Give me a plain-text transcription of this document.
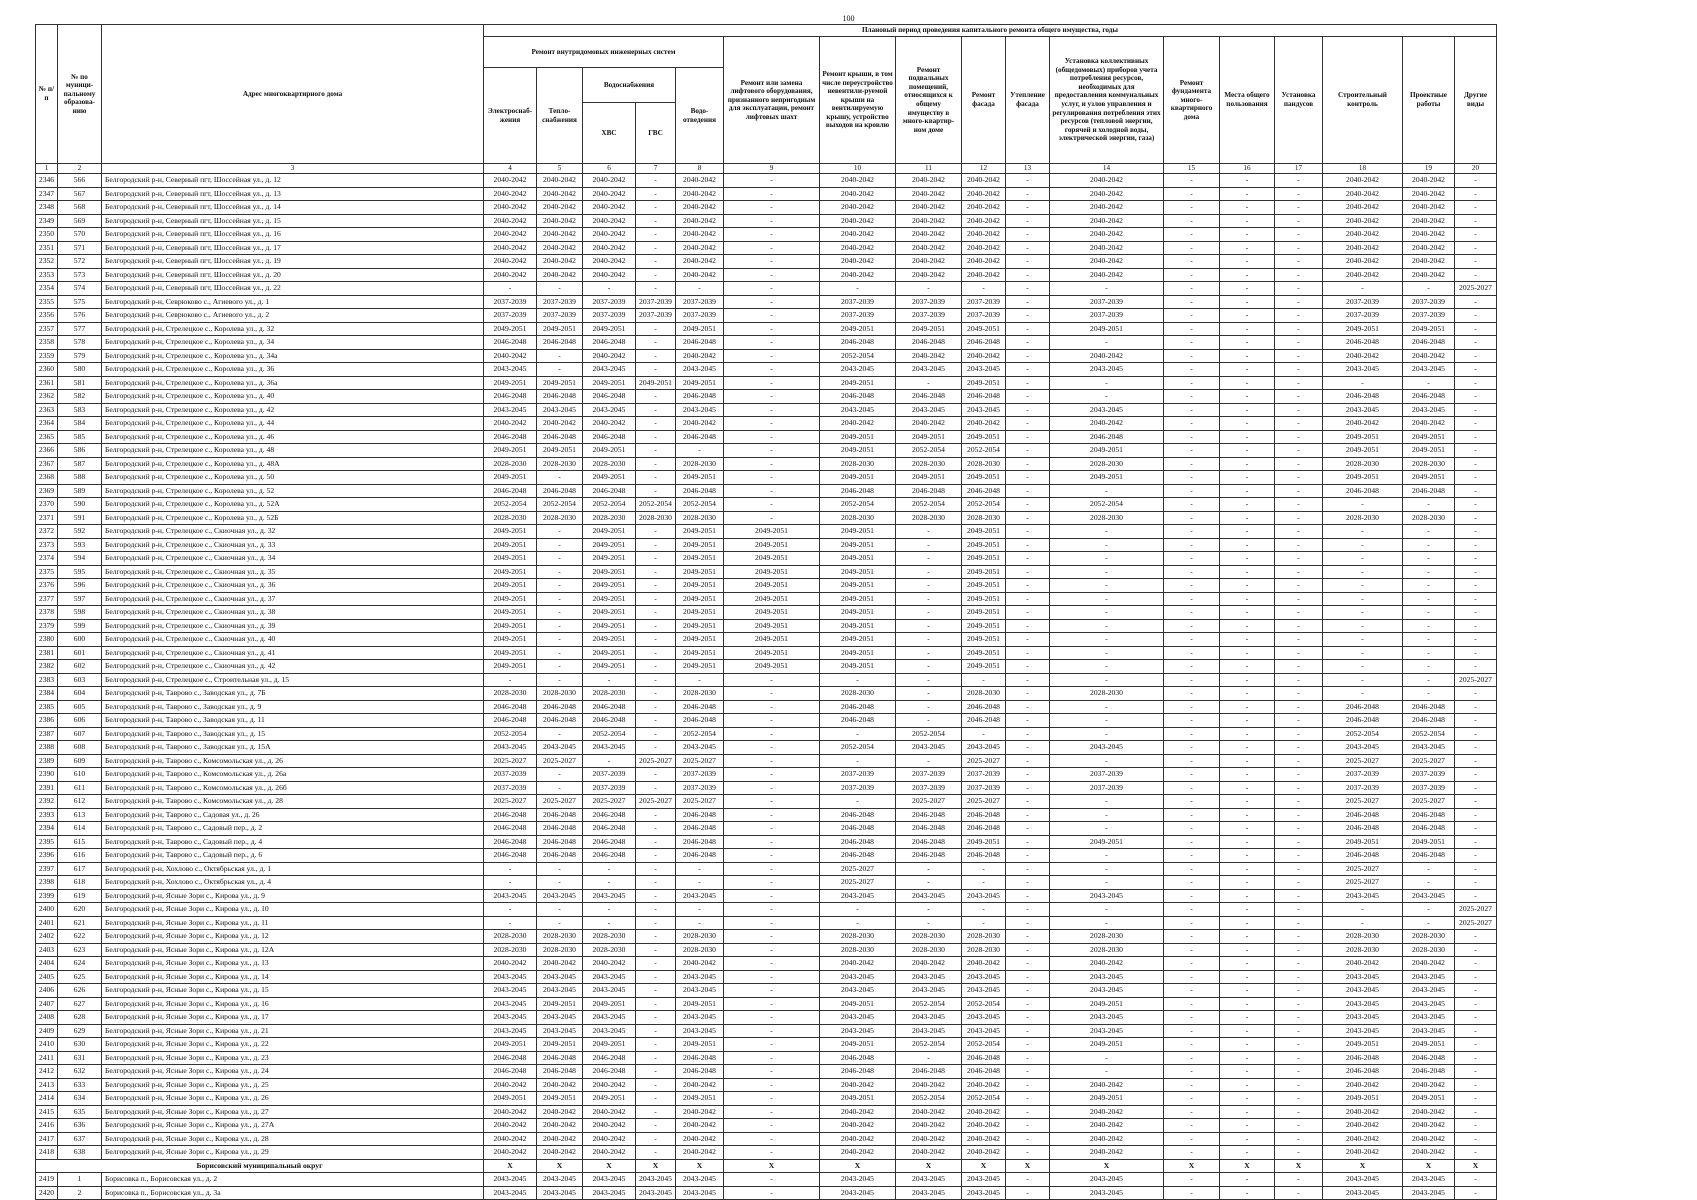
100
№ п/п	№ по муници-пальному образова-нию	Адрес многоквартирного дома	Плановый период проведения капитального ремонта общего имущества, годы																
			Ремонт внутридомовых инженерных систем					Ремонт или замена лифтового оборудования, признанного непригодным для эксплуатации, ремонт лифтовых шахт	Ремонт крыши, в том числе переустройство невентили-руемой крыши на вентилируемую крышу, устройство выходов на кровлю	Ремонт подвальных помещений, относящихся к общему имуществу в много-квартир-ном доме	Ремонт фасада	Утепление фасада	Установка коллективных (общедомовых) приборов учета потребления ресурсов, необходимых для предоставления коммунальных услуг, и узлов управления и регулирования потребления этих ресурсов (тепловой энергии, горячей и холодной воды, электрической энергии, газа)	Ремонт фундамента много-квартирного дома	Места общего пользования	Установка пандусов	Строительный контроль	Проектные работы	Другие виды
			Электроснаб-жения	Тепло-снабжения	Водоснабжения		Водо-отведения												
					ХВС	ГВС													
1	2	3	4	5	6	7	8	9	10	11	12	13	14	15	16	17	18	19	20
2346	566	Белгородский р-н, Северный пгт, Шоссейная ул., д. 12	2040-2042	2040-2042	2040-2042	-	2040-2042	-	2040-2042	2040-2042	2040-2042	-	2040-2042	-	-	-	2040-2042	2040-2042	-
2347	567	Белгородский р-н, Северный пгт, Шоссейная ул., д. 13	2040-2042	2040-2042	2040-2042	-	2040-2042	-	2040-2042	2040-2042	2040-2042	-	2040-2042	-	-	-	2040-2042	2040-2042	-
2348	568	Белгородский р-н, Северный пгт, Шоссейная ул., д. 14	2040-2042	2040-2042	2040-2042	-	2040-2042	-	2040-2042	2040-2042	2040-2042	-	2040-2042	-	-	-	2040-2042	2040-2042	-
2349	569	Белгородский р-н, Северный пгт, Шоссейная ул., д. 15	2040-2042	2040-2042	2040-2042	-	2040-2042	-	2040-2042	2040-2042	2040-2042	-	2040-2042	-	-	-	2040-2042	2040-2042	-
2350	570	Белгородский р-н, Северный пгт, Шоссейная ул., д. 16	2040-2042	2040-2042	2040-2042	-	2040-2042	-	2040-2042	2040-2042	2040-2042	-	2040-2042	-	-	-	2040-2042	2040-2042	-
2351	571	Белгородский р-н, Северный пгт, Шоссейная ул., д. 17	2040-2042	2040-2042	2040-2042	-	2040-2042	-	2040-2042	2040-2042	2040-2042	-	2040-2042	-	-	-	2040-2042	2040-2042	-
2352	572	Белгородский р-н, Северный пгт, Шоссейная ул., д. 19	2040-2042	2040-2042	2040-2042	-	2040-2042	-	2040-2042	2040-2042	2040-2042	-	2040-2042	-	-	-	2040-2042	2040-2042	-
2353	573	Белгородский р-н, Северный пгт, Шоссейная ул., д. 20	2040-2042	2040-2042	2040-2042	-	2040-2042	-	2040-2042	2040-2042	2040-2042	-	2040-2042	-	-	-	2040-2042	2040-2042	-
2354	574	Белгородский р-н, Северный пгт, Шоссейная ул., д. 22	-	-	-	-	-	-	-	-	-	-	-	-	-	-	-	-	2025-2027
2355	575	Белгородский р-н, Севрюково с., Агиевого ул., д. 1	2037-2039	2037-2039	2037-2039	2037-2039	2037-2039	-	2037-2039	2037-2039	2037-2039	-	2037-2039	-	-	-	2037-2039	2037-2039	-
2356	576	Белгородский р-н, Севрюково с., Агиевого ул., д. 2	2037-2039	2037-2039	2037-2039	2037-2039	2037-2039	-	2037-2039	2037-2039	2037-2039	-	2037-2039	-	-	-	2037-2039	2037-2039	-
2357	577	Белгородский р-н, Стрелецкое с., Королева ул., д. 32	2049-2051	2049-2051	2049-2051	-	2049-2051	-	2049-2051	2049-2051	2049-2051	-	2049-2051	-	-	-	2049-2051	2049-2051	-
2358	578	Белгородский р-н, Стрелецкое с., Королева ул., д. 34	2046-2048	2046-2048	2046-2048	-	2046-2048	-	2046-2048	2046-2048	2046-2048	-	-	-	-	-	2046-2048	2046-2048	-
2359	579	Белгородский р-н, Стрелецкое с., Королева ул., д. 34а	2040-2042	-	2040-2042	-	2040-2042	-	2052-2054	2040-2042	2040-2042	-	2040-2042	-	-	-	2040-2042	2040-2042	-
2360	580	Белгородский р-н, Стрелецкое с., Королева ул., д. 36	2043-2045	-	2043-2045	-	2043-2045	-	2043-2045	2043-2045	2043-2045	-	2043-2045	-	-	-	2043-2045	2043-2045	-
2361	581	Белгородский р-н, Стрелецкое с., Королева ул., д. 36а	2049-2051	2049-2051	2049-2051	2049-2051	2049-2051	-	2049-2051	-	2049-2051	-	-	-	-	-	-	-	-
2362	582	Белгородский р-н, Стрелецкое с., Королева ул., д. 40	2046-2048	2046-2048	2046-2048	-	2046-2048	-	2046-2048	2046-2048	2046-2048	-	-	-	-	-	2046-2048	2046-2048	-
2363	583	Белгородский р-н, Стрелецкое с., Королева ул., д. 42	2043-2045	2043-2045	2043-2045	-	2043-2045	-	2043-2045	2043-2045	2043-2045	-	2043-2045	-	-	-	2043-2045	2043-2045	-
2364	584	Белгородский р-н, Стрелецкое с., Королева ул., д. 44	2040-2042	2040-2042	2040-2042	-	2040-2042	-	2040-2042	2040-2042	2040-2042	-	2040-2042	-	-	-	2040-2042	2040-2042	-
2365	585	Белгородский р-н, Стрелецкое с., Королева ул., д. 46	2046-2048	2046-2048	2046-2048	-	2046-2048	-	2049-2051	2049-2051	2049-2051	-	2046-2048	-	-	-	2049-2051	2049-2051	-
2366	586	Белгородский р-н, Стрелецкое с., Королева ул., д. 48	2049-2051	2049-2051	2049-2051	-	-	-	2049-2051	2052-2054	2052-2054	-	2049-2051	-	-	-	2049-2051	2049-2051	-
2367	587	Белгородский р-н, Стрелецкое с., Королева ул., д. 48А	2028-2030	2028-2030	2028-2030	-	2028-2030	-	2028-2030	2028-2030	2028-2030	-	2028-2030	-	-	-	2028-2030	2028-2030	-
2368	588	Белгородский р-н, Стрелецкое с., Королева ул., д. 50	2049-2051	-	2049-2051	-	2049-2051	-	2049-2051	2049-2051	2049-2051	-	2049-2051	-	-	-	2049-2051	2049-2051	-
2369	589	Белгородский р-н, Стрелецкое с., Королева ул., д. 52	2046-2048	2046-2048	2046-2048	-	2046-2048	-	2046-2048	2046-2048	2046-2048	-	-	-	-	-	2046-2048	2046-2048	-
2370	590	Белгородский р-н, Стрелецкое с., Королева ул., д. 52А	2052-2054	2052-2054	2052-2054	2052-2054	2052-2054	-	2052-2054	2052-2054	2052-2054	-	2052-2054	-	-	-	-	-	-
2371	591	Белгородский р-н, Стрелецкое с., Королева ул., д. 52Б	2028-2030	2028-2030	2028-2030	2028-2030	2028-2030	-	2028-2030	2028-2030	2028-2030	-	2028-2030	-	-	-	2028-2030	2028-2030	-
2372	592	Белгородский р-н, Стрелецкое с., Скиочная ул., д. 32	2049-2051	-	2049-2051	-	2049-2051	2049-2051	2049-2051	-	2049-2051	-	-	-	-	-	-	-	-
2373	593	Белгородский р-н, Стрелецкое с., Скиочная ул., д. 33	2049-2051	-	2049-2051	-	2049-2051	2049-2051	2049-2051	-	2049-2051	-	-	-	-	-	-	-	-
2374	594	Белгородский р-н, Стрелецкое с., Скиочная ул., д. 34	2049-2051	-	2049-2051	-	2049-2051	2049-2051	2049-2051	-	2049-2051	-	-	-	-	-	-	-	-
2375	595	Белгородский р-н, Стрелецкое с., Скиочная ул., д. 35	2049-2051	-	2049-2051	-	2049-2051	2049-2051	2049-2051	-	2049-2051	-	-	-	-	-	-	-	-
2376	596	Белгородский р-н, Стрелецкое с., Скиочная ул., д. 36	2049-2051	-	2049-2051	-	2049-2051	2049-2051	2049-2051	-	2049-2051	-	-	-	-	-	-	-	-
2377	597	Белгородский р-н, Стрелецкое с., Скиочная ул., д. 37	2049-2051	-	2049-2051	-	2049-2051	2049-2051	2049-2051	-	2049-2051	-	-	-	-	-	-	-	-
2378	598	Белгородский р-н, Стрелецкое с., Скиочная ул., д. 38	2049-2051	-	2049-2051	-	2049-2051	2049-2051	2049-2051	-	2049-2051	-	-	-	-	-	-	-	-
2379	599	Белгородский р-н, Стрелецкое с., Скиочная ул., д. 39	2049-2051	-	2049-2051	-	2049-2051	2049-2051	2049-2051	-	2049-2051	-	-	-	-	-	-	-	-
2380	600	Белгородский р-н, Стрелецкое с., Скиочная ул., д. 40	2049-2051	-	2049-2051	-	2049-2051	2049-2051	2049-2051	-	2049-2051	-	-	-	-	-	-	-	-
2381	601	Белгородский р-н, Стрелецкое с., Скиочная ул., д. 41	2049-2051	-	2049-2051	-	2049-2051	2049-2051	2049-2051	-	2049-2051	-	-	-	-	-	-	-	-
2382	602	Белгородский р-н, Стрелецкое с., Скиочная ул., д. 42	2049-2051	-	2049-2051	-	2049-2051	2049-2051	2049-2051	-	2049-2051	-	-	-	-	-	-	-	-
2383	603	Белгородский р-н, Стрелецкое с., Строительная ул., д. 15	-	-	-	-	-	-	-	-	-	-	-	-	-	-	-	-	2025-2027
2384	604	Белгородский р-н, Таврово с., Заводская ул., д. 7Б	2028-2030	2028-2030	2028-2030	-	2028-2030	-	2028-2030	-	2028-2030	-	2028-2030	-	-	-	-	-	-
2385	605	Белгородский р-н, Таврово с., Заводская ул., д. 9	2046-2048	2046-2048	2046-2048	-	2046-2048	-	2046-2048	-	2046-2048	-	-	-	-	-	2046-2048	2046-2048	-
2386	606	Белгородский р-н, Таврово с., Заводская ул., д. 11	2046-2048	2046-2048	2046-2048	-	2046-2048	-	2046-2048	-	2046-2048	-	-	-	-	-	2046-2048	2046-2048	-
2387	607	Белгородский р-н, Таврово с., Заводская ул., д. 15	2052-2054	-	2052-2054	-	2052-2054	-	-	2052-2054	-	-	-	-	-	-	2052-2054	2052-2054	-
2388	608	Белгородский р-н, Таврово с., Заводская ул., д. 15А	2043-2045	2043-2045	2043-2045	-	2043-2045	-	2052-2054	2043-2045	2043-2045	-	2043-2045	-	-	-	2043-2045	2043-2045	-
2389	609	Белгородский р-н, Таврово с., Комсомольская ул., д. 26	2025-2027	2025-2027	-	2025-2027	2025-2027	-	-	-	2025-2027	-	-	-	-	-	2025-2027	2025-2027	-
2390	610	Белгородский р-н, Таврово с., Комсомольская ул., д. 26а	2037-2039	-	2037-2039	-	2037-2039	-	2037-2039	2037-2039	2037-2039	-	2037-2039	-	-	-	2037-2039	2037-2039	-
2391	611	Белгородский р-н, Таврово с., Комсомольская ул., д. 26б	2037-2039	-	2037-2039	-	2037-2039	-	2037-2039	2037-2039	2037-2039	-	2037-2039	-	-	-	2037-2039	2037-2039	-
2392	612	Белгородский р-н, Таврово с., Комсомольская ул., д. 28	2025-2027	2025-2027	2025-2027	2025-2027	2025-2027	-	-	2025-2027	2025-2027	-	-	-	-	-	2025-2027	2025-2027	-
2393	613	Белгородский р-н, Таврово с., Садовая ул., д. 26	2046-2048	2046-2048	2046-2048	-	2046-2048	-	2046-2048	2046-2048	2046-2048	-	-	-	-	-	2046-2048	2046-2048	-
2394	614	Белгородский р-н, Таврово с., Садовый пер., д. 2	2046-2048	2046-2048	2046-2048	-	2046-2048	-	2046-2048	2046-2048	2046-2048	-	-	-	-	-	2046-2048	2046-2048	-
2395	615	Белгородский р-н, Таврово с., Садовый пер., д. 4	2046-2048	2046-2048	2046-2048	-	2046-2048	-	2046-2048	2046-2048	2049-2051	-	2049-2051	-	-	-	2049-2051	2049-2051	-
2396	616	Белгородский р-н, Таврово с., Садовый пер., д. 6	2046-2048	2046-2048	2046-2048	-	2046-2048	-	2046-2048	2046-2048	2046-2048	-	-	-	-	-	2046-2048	2046-2048	-
2397	617	Белгородский р-н, Хохлово с., Октябрьская ул., д. 1	-	-	-	-	-	-	2025-2027	-	-	-	-	-	-	-	2025-2027	-	-
2398	618	Белгородский р-н, Хохлово с., Октябрьская ул., д. 4	-	-	-	-	-	-	2025-2027	-	-	-	-	-	-	-	2025-2027	-	-
2399	619	Белгородский р-н, Ясные Зори с., Кирова ул., д. 9	2043-2045	2043-2045	2043-2045	-	2043-2045	-	2043-2045	2043-2045	2043-2045	-	2043-2045	-	-	-	2043-2045	2043-2045	-
2400	620	Белгородский р-н, Ясные Зори с., Кирова ул., д. 10	-	-	-	-	-	-	-	-	-	-	-	-	-	-	-	-	2025-2027
2401	621	Белгородский р-н, Ясные Зори с., Кирова ул., д. 11	-	-	-	-	-	-	-	-	-	-	-	-	-	-	-	-	2025-2027
2402	622	Белгородский р-н, Ясные Зори с., Кирова ул., д. 12	2028-2030	2028-2030	2028-2030	-	2028-2030	-	2028-2030	2028-2030	2028-2030	-	2028-2030	-	-	-	2028-2030	2028-2030	-
2403	623	Белгородский р-н, Ясные Зори с., Кирова ул., д. 12А	2028-2030	2028-2030	2028-2030	-	2028-2030	-	2028-2030	2028-2030	2028-2030	-	2028-2030	-	-	-	2028-2030	2028-2030	-
2404	624	Белгородский р-н, Ясные Зори с., Кирова ул., д. 13	2040-2042	2040-2042	2040-2042	-	2040-2042	-	2040-2042	2040-2042	2040-2042	-	2040-2042	-	-	-	2040-2042	2040-2042	-
2405	625	Белгородский р-н, Ясные Зори с., Кирова ул., д. 14	2043-2045	2043-2045	2043-2045	-	2043-2045	-	2043-2045	2043-2045	2043-2045	-	2043-2045	-	-	-	2043-2045	2043-2045	-
2406	626	Белгородский р-н, Ясные Зори с., Кирова ул., д. 15	2043-2045	2043-2045	2043-2045	-	2043-2045	-	2043-2045	2043-2045	2043-2045	-	2043-2045	-	-	-	2043-2045	2043-2045	-
2407	627	Белгородский р-н, Ясные Зори с., Кирова ул., д. 16	2043-2045	2049-2051	2049-2051	-	2049-2051	-	2049-2051	2052-2054	2052-2054	-	2049-2051	-	-	-	2043-2045	2043-2045	-
2408	628	Белгородский р-н, Ясные Зори с., Кирова ул., д. 17	2043-2045	2043-2045	2043-2045	-	2043-2045	-	2043-2045	2043-2045	2043-2045	-	2043-2045	-	-	-	2043-2045	2043-2045	-
2409	629	Белгородский р-н, Ясные Зори с., Кирова ул., д. 21	2043-2045	2043-2045	2043-2045	-	2043-2045	-	2043-2045	2043-2045	2043-2045	-	2043-2045	-	-	-	2043-2045	2043-2045	-
2410	630	Белгородский р-н, Ясные Зори с., Кирова ул., д. 22	2049-2051	2049-2051	2049-2051	-	2049-2051	-	2049-2051	2052-2054	2052-2054	-	2049-2051	-	-	-	2049-2051	2049-2051	-
2411	631	Белгородский р-н, Ясные Зори с., Кирова ул., д. 23	2046-2048	2046-2048	2046-2048	-	2046-2048	-	2046-2048	-	2046-2048	-	-	-	-	-	2046-2048	2046-2048	-
2412	632	Белгородский р-н, Ясные Зори с., Кирова ул., д. 24	2046-2048	2046-2048	2046-2048	-	2046-2048	-	2046-2048	2046-2048	2046-2048	-	-	-	-	-	2046-2048	2046-2048	-
2413	633	Белгородский р-н, Ясные Зори с., Кирова ул., д. 25	2040-2042	2040-2042	2040-2042	-	2040-2042	-	2040-2042	2040-2042	2040-2042	-	2040-2042	-	-	-	2040-2042	2040-2042	-
2414	634	Белгородский р-н, Ясные Зори с., Кирова ул., д. 26	2049-2051	2049-2051	2049-2051	-	2049-2051	-	2049-2051	2052-2054	2052-2054	-	2049-2051	-	-	-	2049-2051	2049-2051	-
2415	635	Белгородский р-н, Ясные Зори с., Кирова ул., д. 27	2040-2042	2040-2042	2040-2042	-	2040-2042	-	2040-2042	2040-2042	2040-2042	-	2040-2042	-	-	-	2040-2042	2040-2042	-
2416	636	Белгородский р-н, Ясные Зори с., Кирова ул., д. 27А	2040-2042	2040-2042	2040-2042	-	2040-2042	-	2040-2042	2040-2042	2040-2042	-	2040-2042	-	-	-	2040-2042	2040-2042	-
2417	637	Белгородский р-н, Ясные Зори с., Кирова ул., д. 28	2040-2042	2040-2042	2040-2042	-	2040-2042	-	2040-2042	2040-2042	2040-2042	-	2040-2042	-	-	-	2040-2042	2040-2042	-
2418	638	Белгородский р-н, Ясные Зори с., Кирова ул., д. 29	2040-2042	2040-2042	2040-2042	-	2040-2042	-	2040-2042	2040-2042	2040-2042	-	2040-2042	-	-	-	2040-2042	2040-2042	-
Борисовский муниципальный округ			X	X	X	X	X	X	X	X	X	X	X	X	X	X	X	X	X
2419	1	Борисовка п., Борисовская ул., д. 2	2043-2045	2043-2045	2043-2045	2043-2045	2043-2045	-	2043-2045	2043-2045	2043-2045	-	2043-2045	-	-	-	2043-2045	2043-2045	-
2420	2	Борисовка п., Борисовская ул., д. 3а	2043-2045	2043-2045	2043-2045	2043-2045	2043-2045	-	2043-2045	2043-2045	2043-2045	-	2043-2045	-	-	-	2043-2045	2043-2045	-
